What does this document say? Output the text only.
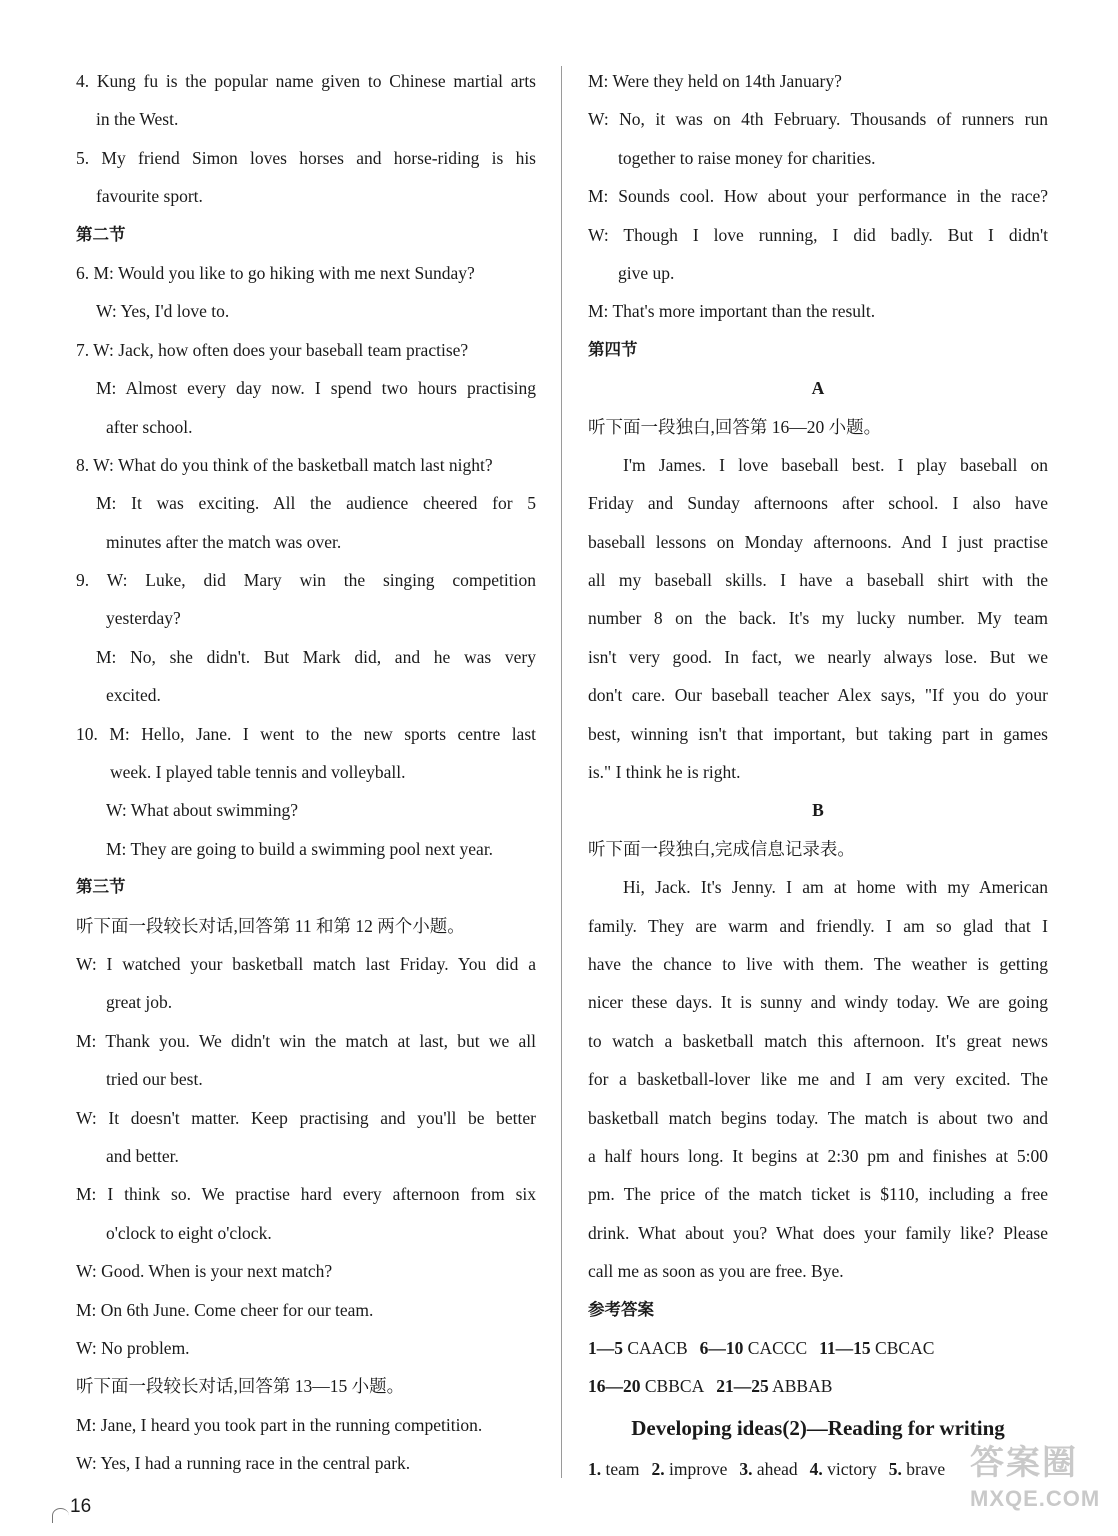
4. Kung fu is the popular name given to Chinese martial arts
in the West.
5. My friend Simon loves horses and horse-riding is his
favourite sport.
第二节
6. M: Would you like to go hiking with me next Sunday?
W: Yes, I'd love to.
7. W: Jack, how often does your baseball team practise?
M: Almost every day now. I spend two hours practising
after school.
8. W: What do you think of the basketball match last night?
M: It was exciting. All the audience cheered for 5
minutes after the match was over.
9. W: Luke, did Mary win the singing competition
yesterday?
M: No, she didn't. But Mark did, and he was very
excited.
10. M: Hello, Jane. I went to the new sports centre last
week. I played table tennis and volleyball.
W: What about swimming?
M: They are going to build a swimming pool next year.
第三节
听下面一段较长对话,回答第 11 和第 12 两个小题。
W: I watched your basketball match last Friday. You did a
great job.
M: Thank you. We didn't win the match at last, but we all
tried our best.
W: It doesn't matter. Keep practising and you'll be better
and better.
M: I think so. We practise hard every afternoon from six
o'clock to eight o'clock.
W: Good. When is your next match?
M: On 6th June. Come cheer for our team.
W: No problem.
听下面一段较长对话,回答第 13—15 小题。
M: Jane, I heard you took part in the running competition.
W: Yes, I had a running race in the central park.
M: Were they held on 14th January?
W: No, it was on 4th February. Thousands of runners run
together to raise money for charities.
M: Sounds cool. How about your performance in the race?
W: Though I love running, I did badly. But I didn't
give up.
M: That's more important than the result.
第四节
A
听下面一段独白,回答第 16—20 小题。
I'm James. I love baseball best. I play baseball on
Friday and Sunday afternoons after school. I also have
baseball lessons on Monday afternoons. And I just practise
all my baseball skills. I have a baseball shirt with the
number 8 on the back. It's my lucky number. My team
isn't very good. In fact, we nearly always lose. But we
don't care. Our baseball teacher Alex says, "If you do your
best, winning isn't that important, but taking part in games
is." I think he is right.
B
听下面一段独白,完成信息记录表。
Hi, Jack. It's Jenny. I am at home with my American
family. They are warm and friendly. I am so glad that I
have the chance to live with them. The weather is getting
nicer these days. It is sunny and windy today. We are going
to watch a basketball match this afternoon. It's great news
for a basketball-lover like me and I am very excited. The
basketball match begins today. The match is about two and
a half hours long. It begins at 2:30 pm and finishes at 5:00
pm. The price of the match ticket is $110, including a free
drink. What about you? What does your family like? Please
call me as soon as you are free. Bye.
参考答案
1—5 CAACB 6—10 CACCC 11—15 CBCAC
16—20 CBBCA 21—25 ABBAB
Developing ideas(2)—Reading for writing
1. team 2. improve 3. ahead 4. victory 5. brave
16
答案圈
MXQE.COM
